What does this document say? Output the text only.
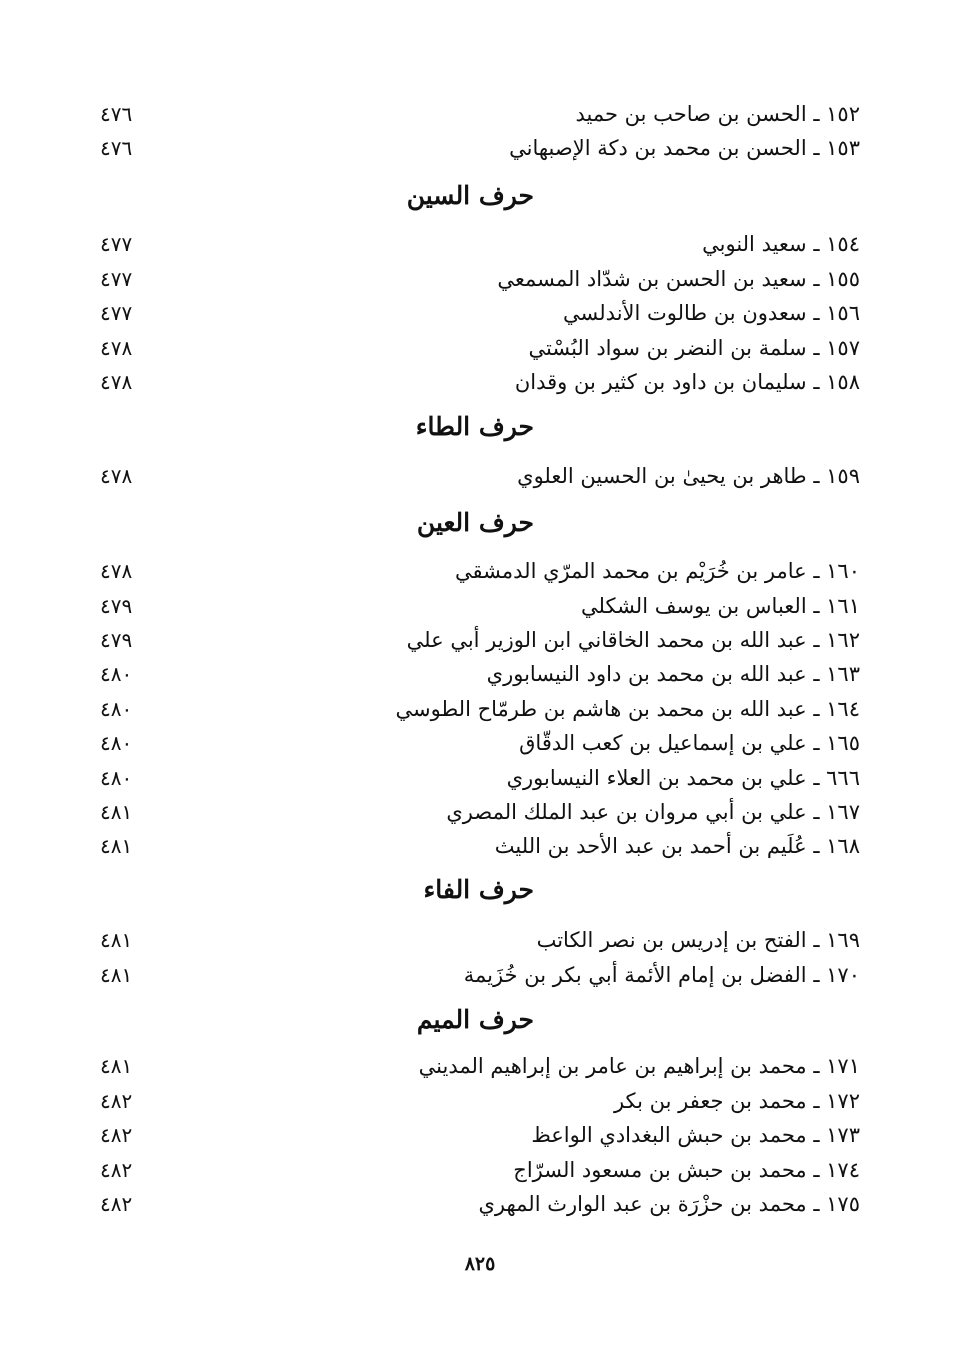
١٥٢ ـ الحسن بن صاحب بن حميد
٤٧٦
١٥٣ ـ الحسن بن محمد بن دكة الإصبهاني
٤٧٦
حرف السين
١٥٤ ـ سعيد النوبي
٤٧٧
١٥٥ ـ سعيد بن الحسن بن شدّاد المسمعي
٤٧٧
١٥٦ ـ سعدون بن طالوت الأندلسي
٤٧٧
١٥٧ ـ سلمة بن النضر بن سواد البُسْتي
٤٧٨
١٥٨ ـ سليمان بن داود بن كثير بن وقدان
٤٧٨
حرف الطاء
١٥٩ ـ طاهر بن يحيىٰ بن الحسين العلوي
٤٧٨
حرف العين
١٦٠ ـ عامر بن خُرَيْم بن محمد المرّي الدمشقي
٤٧٨
١٦١ ـ العباس بن يوسف الشكلي
٤٧٩
١٦٢ ـ عبد الله بن محمد الخاقاني ابن الوزير أبي علي
٤٧٩
١٦٣ ـ عبد الله بن محمد بن داود النيسابوري
٤٨٠
١٦٤ ـ عبد الله بن محمد بن هاشم بن طرمّاح الطوسي
٤٨٠
١٦٥ ـ علي بن إسماعيل بن كعب الدقّاق
٤٨٠
٦٦٦ ـ علي بن محمد بن العلاء النيسابوري
٤٨٠
١٦٧ ـ علي بن أبي مروان بن عبد الملك المصري
٤٨١
١٦٨ ـ عُلَيم بن أحمد بن عبد الأحد بن الليث
٤٨١
حرف الفاء
١٦٩ ـ الفتح بن إدريس بن نصر الكاتب
٤٨١
١٧٠ ـ الفضل بن إمام الأئمة أبي بكر بن خُزَيمة
٤٨١
حرف الميم
١٧١ ـ محمد بن إبراهيم بن عامر بن إبراهيم المديني
٤٨١
١٧٢ ـ محمد بن جعفر بن بكر
٤٨٢
١٧٣ ـ محمد بن حبش البغدادي الواعظ
٤٨٢
١٧٤ ـ محمد بن حبش بن مسعود السرّاج
٤٨٢
١٧٥ ـ محمد بن حزْرَة بن عبد الوارث المهري
٤٨٢
٨٢٥
